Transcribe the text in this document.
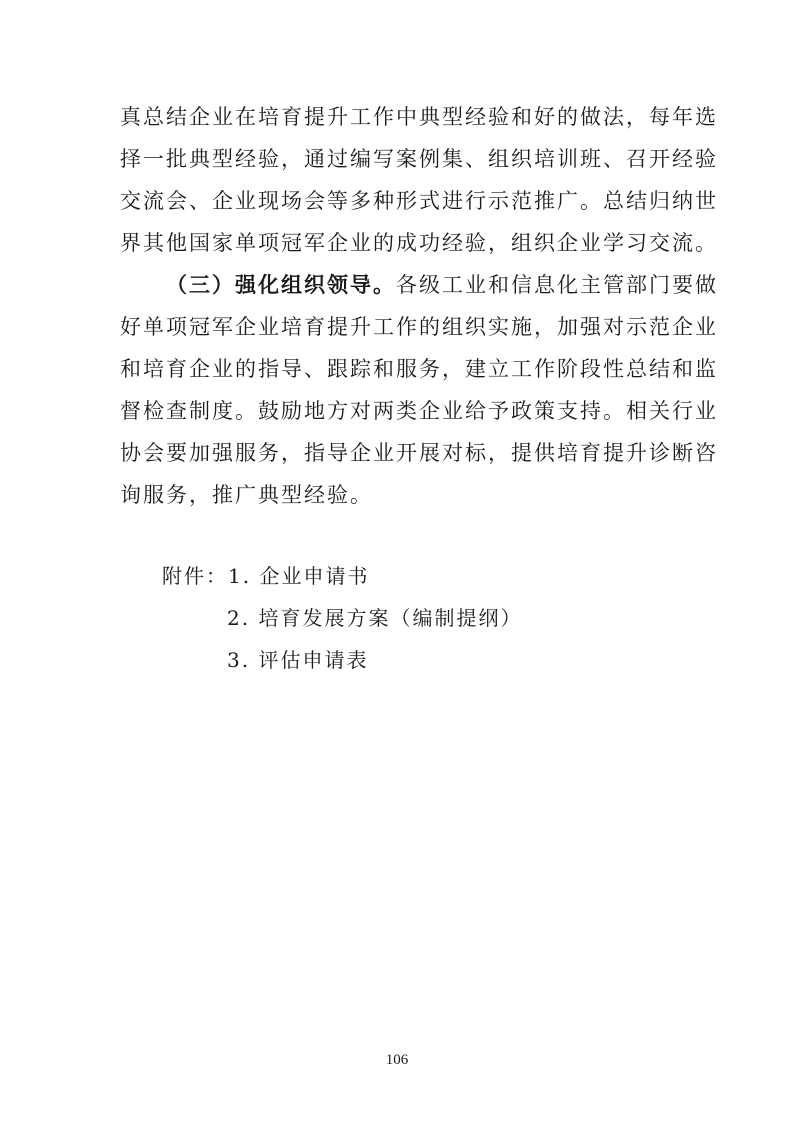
真总结企业在培育提升工作中典型经验和好的做法，每年选
择一批典型经验，通过编写案例集、组织培训班、召开经验
交流会、企业现场会等多种形式进行示范推广。总结归纳世
界其他国家单项冠军企业的成功经验，组织企业学习交流。
（三）强化组织领导。各级工业和信息化主管部门要做
好单项冠军企业培育提升工作的组织实施，加强对示范企业
和培育企业的指导、跟踪和服务，建立工作阶段性总结和监
督检查制度。鼓励地方对两类企业给予政策支持。相关行业
协会要加强服务，指导企业开展对标，提供培育提升诊断咨
询服务，推广典型经验。
附件：1. 企业申请书
2. 培育发展方案（编制提纲）
3. 评估申请表
106
